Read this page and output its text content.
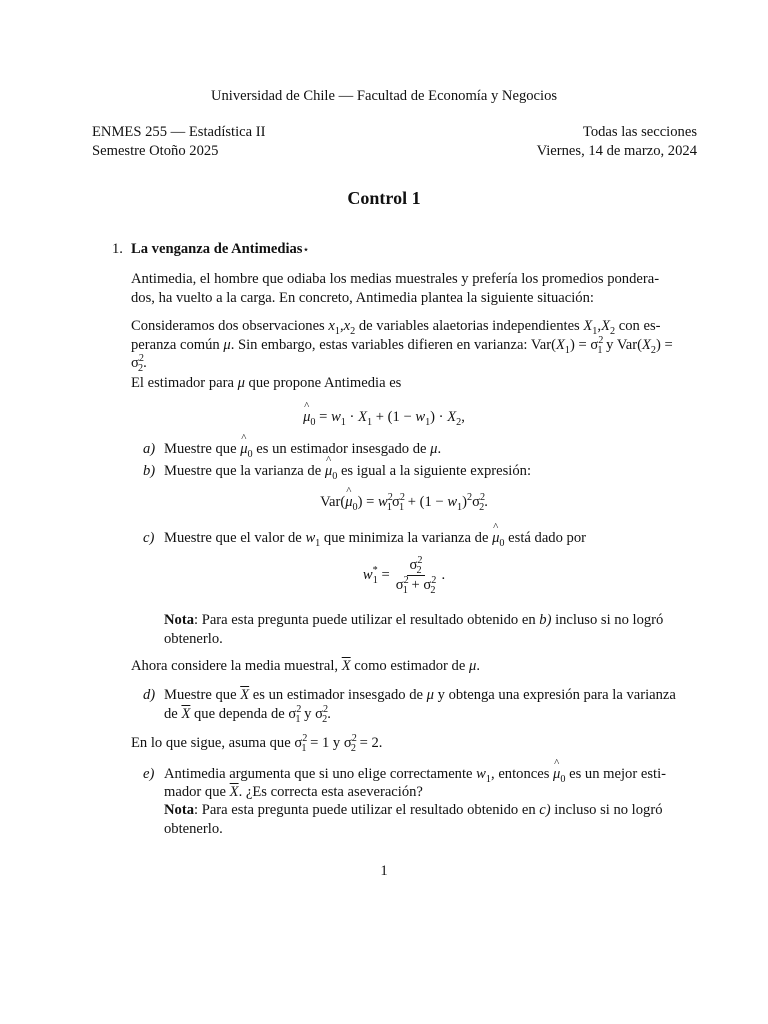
Universidad de Chile — Facultad de Economía y Negocios
ENMES 255 — Estadística II	Todas las secciones
Semestre Otoño 2025	Viernes, 14 de marzo, 2024
Control 1
1. La venganza de Antimedias⋆
Antimedia, el hombre que odiaba los medias muestrales y prefería los promedios pondera-
dos, ha vuelto a la carga. En concreto, Antimedia plantea la siguiente situación:
Consideramos dos observaciones $x_1,x_2$ de variables alaetorias independientes $X_1,X_2$ con es-
peranza común μ. Sin embargo, estas variables difieren en varianza: $Var(X_1) = \sigma^2_1$ y $Var(X_2)$ =
$\sigma^2_2$.
El estimador para μ que propone Antimedia es
^ $\mu_0 = w_1 \cdot X_1 + (1 - w_1) \cdot X_2$,
a) Muestre que ^ $\mu_0$ es un estimador insesgado de μ.
b) Muestre que la varianza de ^ $\mu_0$ es igual a la siguiente expresión:
Var(^ $\mu_0) = w^2_1\sigma^2_1 + (1 - w_1)^2\sigma^2_2$.
c) Muestre que el valor de $w_1$ que minimiza la varianza de ^ $\mu_0$ está dado por
$w^*_1 = \frac{\sigma^2_2}{\sigma^2_1 + \sigma^2_2}$ .
Nota: Para esta pregunta puede utilizar el resultado obtenido en b) incluso si no logró
obtenerlo.
Ahora considere la media muestral, $\overline{X}$ como estimador de μ.
d) Muestre que $\overline{X}$ es un estimador insesgado de μ y obtenga una expresión para la varianza
de $\overline{X}$ que dependa de $\sigma^2_1$ y $\sigma^2_2$.
En lo que sigue, asuma que $\sigma^2_1 = 1$ y $\sigma^2_2 = 2$.
e) Antimedia argumenta que si uno elige correctamente $w_1$, entonces ^ $\mu_0$ es un mejor esti-
mador que $\overline{X}$. ¿Es correcta esta aseveración?
Nota: Para esta pregunta puede utilizar el resultado obtenido en c) incluso si no logró
obtenerlo.
1
